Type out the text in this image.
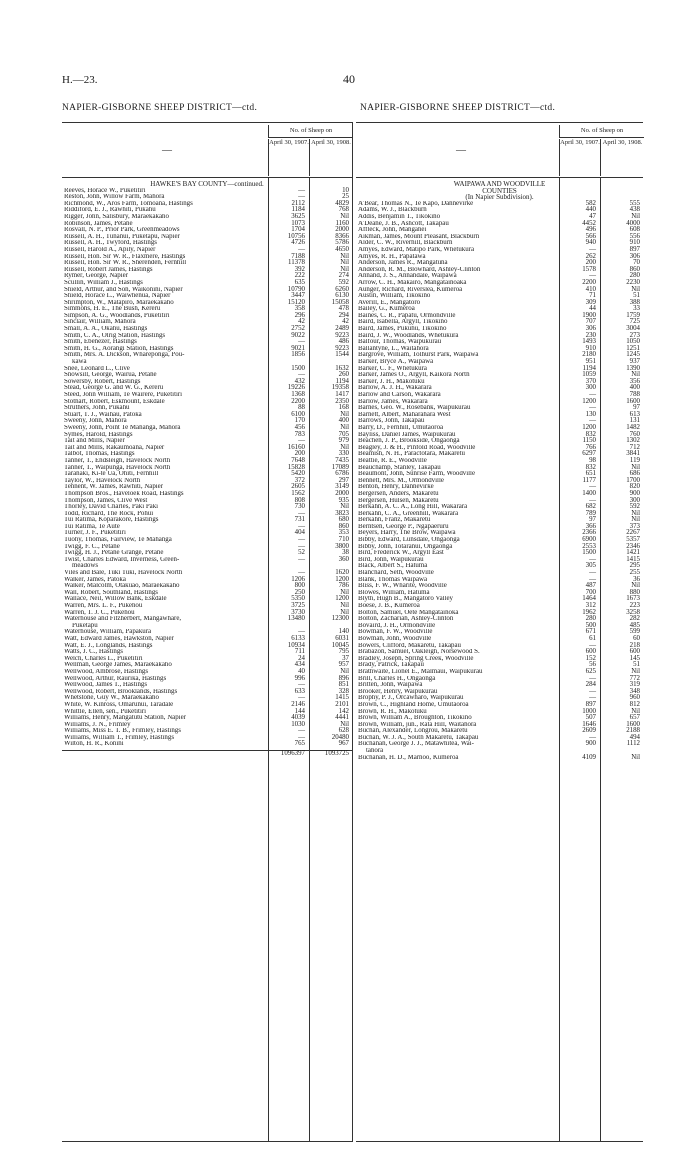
H.—23.	40
NAPIER-GISBORNE SHEEP DISTRICT—ctd.	NAPIER-GISBORNE SHEEP DISTRICT—ctd.
—
No. of Sheep on
April 30, 1907. April 30, 1908.
HAWKE'S BAY COUNTY—continued.
Reeves, Horace W., Puketitiri	—	10
Reston, John, Willow Farm, Mahora	—	25
Richmond, W., Aros Farm, Tomoana, Hastings	2112	4829
Riddiford, E. J., Rawhiti, Pukahu	1184	768
Rigger, John, Salisbury, Maraekakaho	3625	Nil
Robinson, James, Petane	1073	1160
Rosvall, N. P., Prior Park, Greenmeadows	1704	2000
Russell, A. H., Tunanui, Puketapu, Napier	10756	8366
Russell, A. H., Twyford, Hastings	4726	5786
Russell, Harold A., Apily, Napier	—	4650
Russell, Hon. Sir W. R., Flaxmere, Hastings	7188	Nil
Russell, Hon. Sir W. R., Sherenden, Fernhill	11378	Nil
Russell, Robert James, Hastings	392	Nil
Rymer, George, Napier	222	274
Scullin, William J., Hastings	635	592
Shield, Arthur, and Son, Waikonini, Napier	10790	6260
Shield, Horace L., Waiwhenua, Napier	3447	6130
Shrimpton, W., Matapiro, Maraekakaho	15120	15058
Simmons, H. E., The Bush, Kereru	358	478
Simpson, A. G., Woodlands, Puketitiri	296	294
Sinclair, William, Mahora	42	42
Small, A. A., Okahu, Hastings	2752	2489
Smith, C. A., Olrig Station, Hastings	9022	9223
Smith, Ebenezer, Hastings	—	486
Smith, H. G., Aorangi Station, Hastings	9021	9223
Smith, Mrs. A. Dickson, Whareponga, Pou-	1856	1544
kawa
Snee, Leonard L., Clive	1500	1632
Snowsill, George, Wairua, Petane	—	260
Sowersby, Robert, Hastings	432	1194
Stead, George G. and W. G., Kereru	19226	19358
Steed, John William, Te Wairere, Puketitiri	1368	1417
Stothart, Robert, Eskmount, Eskdale	2200	2350
Struthers, John, Pukahu	88	168
Stuart, T. J., Waihau, Patoka	6100	Nil
Sweeny, John, Mahora	170	400
Sweeny, John, Point Te Mahanga, Mahora	456	Nil
Symes, Harold, Hastings	783	705
Tait and Mills, Napier	—	979
Tait and Mills, Rakaumoana, Napier	16160	Nil
Talbot, Thomas, Hastings	200	330
Tanner, T., Endsleigh, Havelock North	7648	7435
Tanner, T., Waipunga, Havelock North	15828	17089
Taranaki, Ki-te Ua, Ohiti, Fernhill	5420	6786
Taylor, W., Havelock North	372	297
Tennent, W. James, Rawhiti, Napier	2605	3149
Thompson Bros., Haveloek Road, Hastings	1562	2000
Thompson, James, Clive West	808	935
Thorley, David Charles, Paki Paki	730	Nil
Todd, Richard, The Rock, Pohui	—	3823
Tui Ratima, Koparakore, Hastings	731	680
Tui Ratima, Te Aute	—	860
Turner, J. F., Puketitiri	404	353
Tuohy, Thomas, Fairview, Te Mahanga	—	710
Twigg, F. C., Petane	—	3800
Twigg, H. J., Petane Grange, Petane	52	38
Twist, Charles Edward, Inverness, Green-	—	360
meadows
Viles and Bale, Tuki Tuki, Havelock North	—	1620
Walker, James, Patoka	1206	1200
Walker, Malcolm, Otakuao, Maraekakaho	800	786
Wall, Robert, Southland, Hastings	250	Nil
Wallace, Neil, Willow Bank, Eskdale	5350	1200
Warren, Mrs. L. F., Pukehou	3725	Nil
Warren, T. J. C., Pukehou	3730	Nil
Waterhouse and Fitzherbert, Mangawhare,	13480	12300
Puketapu
Waterhouse, William, Papakura	—	140
Watt, Edward James, Hawkston, Napier	6133	6031
Watt, E. J., Longlands, Hastings	10934	10045
Watts, J. C., Hastings	711	795
Welch, Charles L., Puketitiri	24	37
Wellman, George James, Maraekakaho	434	957
Wellwood, Ambrose, Hastings	40	Nil
Wellwood, Arthur, Raurika, Hastings	996	896
Wellwood, James T., Hastings	—	851
Wellwood, Robert, Brooklands, Hastings	633	328
Whetstone, Guy W., Maraekakaho	—	1415
White, W. Kinross, Omarunui, Taradale	2146	2101
Whittle, Ellen, sen., Puketitiri	144	142
Williams, Henry, Mangatutu Station, Napier	4039	4441
Williams, J. N., Frimley	1030	Nil
Williams, Miss E. T. B., Frimley, Hastings	—	628
Williams, William T., Frimley, Hastings	—	20480
Wilton, H. R., Konini	765	967
1096397	1093725
—
No. of Sheep on
April 30, 1907. April 30, 1908.
WAIPAWA AND WOODVILLE
COUNTIES
(In Napier Subdivision).
A'Bear, Thomas N., Te Kapo, Dannevirke	582	555
Adams, W. J., Blackburn	440	438
Addis, Benjamin T., Tikokino	47	Nil
A'Deane, J. B., Ashcott, Takapau	4452	4000
Affleck, John, Mangahei	496	608
Aikman, James, Mount Pleasant, Blackburn	566	556
Alder, C. W., Riverhill, Blackburn	940	910
Amyes, Edward, Matipo Park, Whetukura	—	897
Amyes, R. H., Papatawa	262	306
Anderson, James R., Mangatuna	200	70
Anderson, R. M., Blowhard, Ashley-Clinton	1578	860
Annand, J. S., Annandale, Waipawa	—	280
Arrow, C. H., Makairo, Mangatainoaka	2200	2230
Aunger, Richard, Riverslea, Kumeroa	410	Nil
Austin, William, Tikokino	71	51
Averill, E., Mangatoro	309	388
Bailey, G., Kumeroa	44	33
Baines, C. R., Papatu, Ormondville	1900	1759
Baird, Isabella, Argyll, Tikokino	707	725
Baird, James, Pukuhu, Tikokino	306	3004
Baird, J. W., Woodlands, Whetukura	230	273
Balfour, Thomas, Waipukurau	1493	1050
Ballantyne, L., Waitahora	910	1251
Bargrove, William, Tolhurst Park, Waipawa	2180	1245
Barker, Bryce A., Waipawa	951	937
Barker, C. F., Whetukura	1194	1390
Barker, James O., Argyll, Kaikora North	1059	Nil
Barker, J. H., Makotuku	370	356
Barlow, A. J. H., Wakarara	300	400
Barlow and Carson, Wakarara	—	788
Barlow, James, Wakarara	1200	1600
Barnes, Geo. W., Rosebank, Waipukurau	—	97
Barnett, Albert, Maharahara West	130	613
Barrows, John, Takapau	—	131
Barry, D., Fernhill, Umutaoroa	1200	1482
Bayliss, Daniel James, Waipukurau	832	760
Beachen, J. P., Brookside, Ongaonga	1150	1302
Beagley, J. & H., Pinfold Road, Woodville	766	712
Beamish, N. H., Paractotara, Makaretu	6297	3841
Beattie, R. E., Woodville	98	119
Beauchamp, Stanley, Takapau	832	Nil
Beaumont, John, Sunrise Farm, Woodville	651	686
Bennett, Mrs. M., Ormondville	1177	1700
Benton, Henry, Dannevirke	—	820
Bergersen, Anders, Makaretu	1400	900
Bergersen, Hulsen, Makaretu	—	300
Berkahn, A. C. A., Long Hill, Wakarara	682	592
Berkahn, C. A., Greenhill, Wakarara	789	Nil
Berkahn, Franz, Makaretu	97	Nil
Berntsen, George P., Ngapaeruru	366	373
Beyers, Harry, The Brow, Waipawa	2366	2267
Bibby, Edward, Lunsdale, Ongaonga	6900	5357
Bibby, John, Totaranui, Ongaonga	2553	2346
Bird, Frederick W., Argyll East	1500	1421
Bird, John, Waipukurau	—	1415
Black, Albert S., Hatuma	305	295
Blanchard, Seth, Woodville	—	255
Blank, Thomas Waipawa	—	36
Bliss, F. W., Wharite, Woodville	487	Nil
Blowes, William, Hatuma	700	880
Blyth, Hugh B., Mangatoro Valley	1464	1673
Boese, J. B., Kumeroa	312	223
Bolton, Samuel, Oete Mangatainoka	1962	3258
Bolton, Zachariah, Ashley-Clinton	280	282
Bovaird, J. H., Ormondville	500	485
Bowman, F. W., Woodville	671	599
Bowman, John, Woodville	61	60
Bowers, Clifford, Makaretu, Takapau	—	218
Brabazon, Samuel, Oakleigh, Norsewood S.	600	600
Bradley, Joseph, Spring Creek, Woodville	152	145
Brady, Patrick, Takapau	56	51
Brathwaite, Lionel E., Malmaui, Waipukurau	625	Nil
Brill, Charles H., Ongaonga	—	772
Britten, John, Waipawa	284	319
Brooker, Henry, Waipukurau	—	348
Brophy, P. J., Orcawharo, Waipukurau	—	960
Brown, C., Highland Home, Umutaoroa	897	812
Brown, R. H., Makotuku	1000	Nil
Brown, William A., Broughton, Tikokino	507	657
Brown, William, jun., Rata Hill, Waitahora	1646	1600
Buchan, Alexander, Longrou, Makaretu	2609	2188
Buchan, W. J. A., South Makaretu, Takapau	—	494
Buchanan, George J. J., Matawhitea, Wai-	900	1112
tahora
Buchanan, H. D., Marnoo, Kumeroa	4109	Nil
